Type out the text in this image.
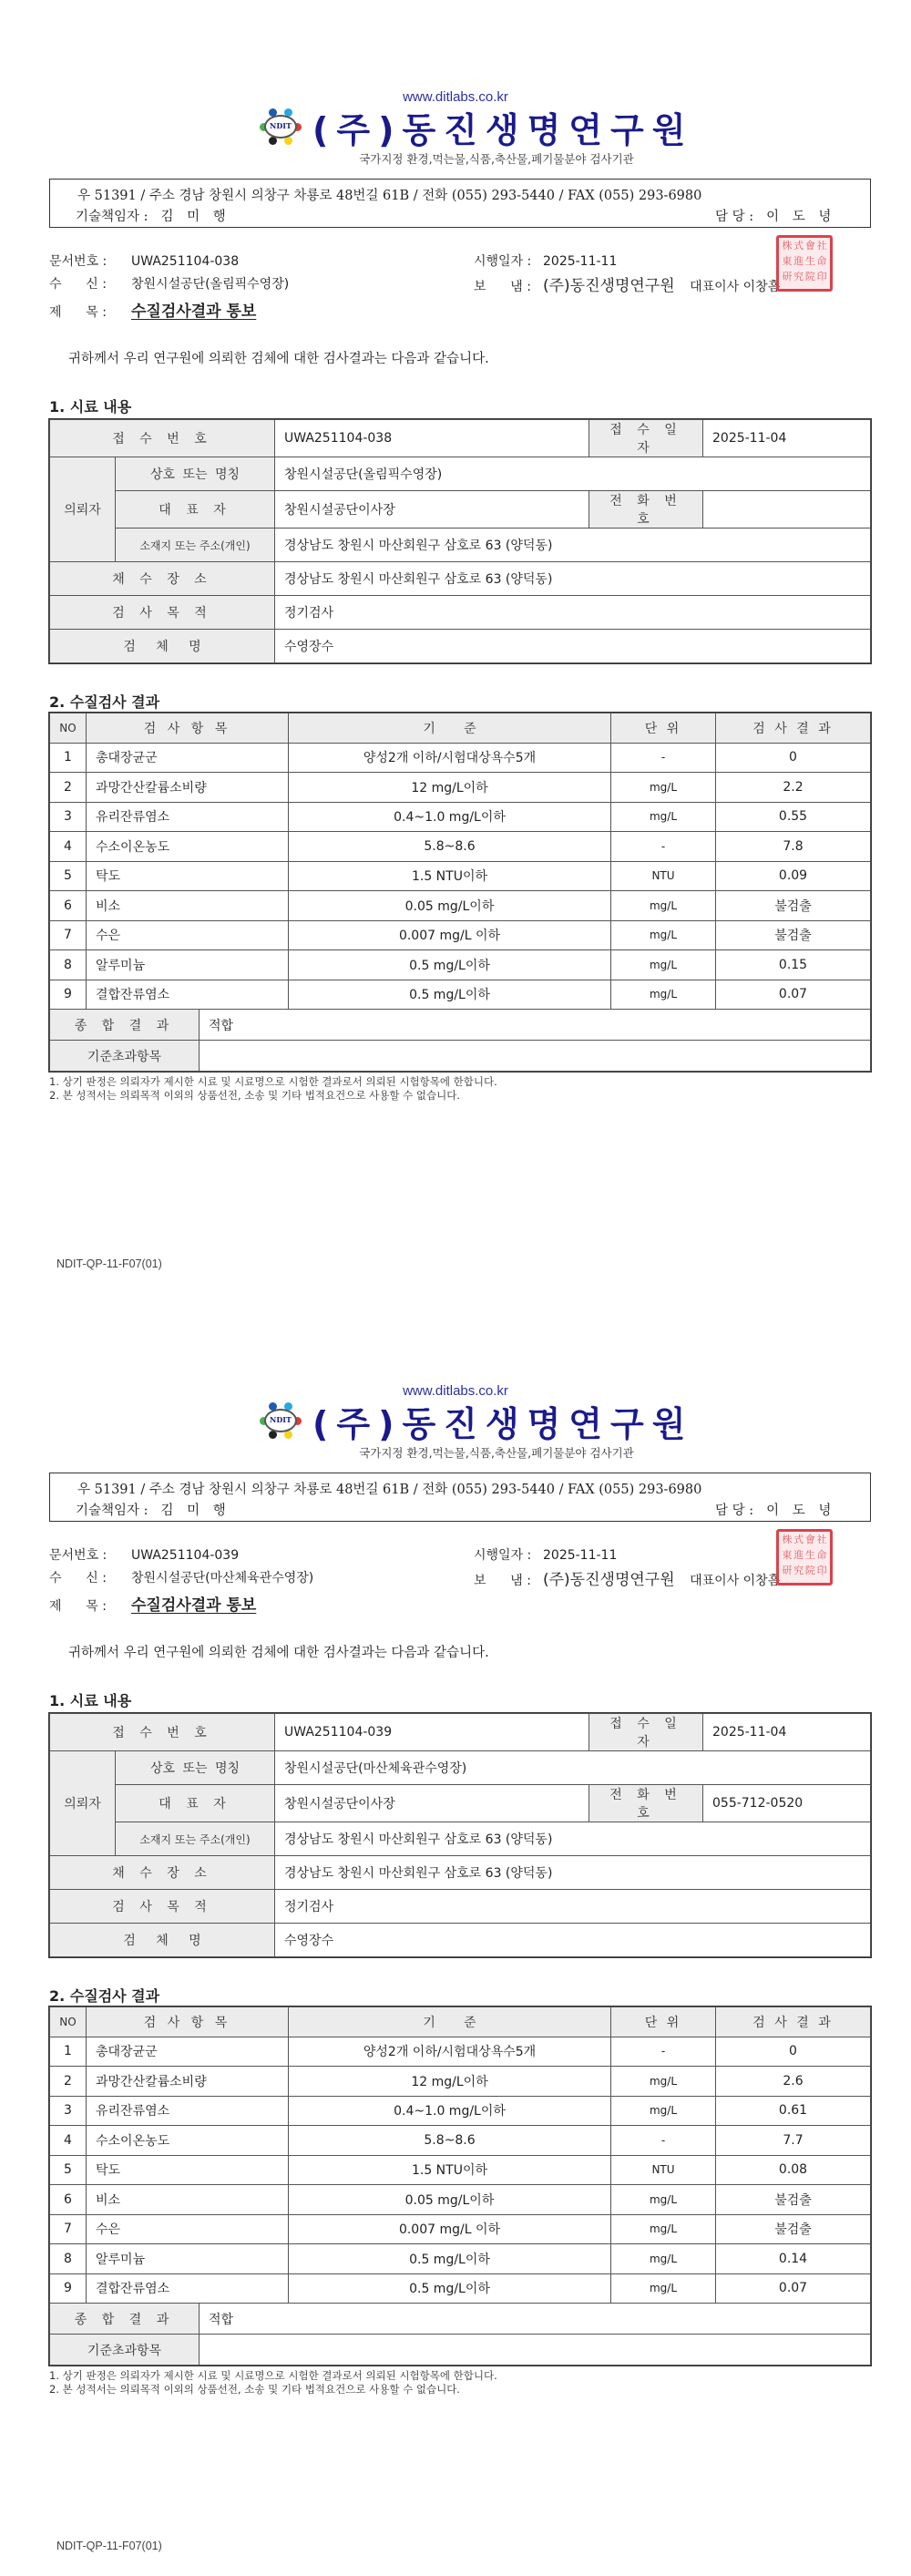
www.ditlabs.co.kr
NDIT (주)동진생명연구원
국가지정 환경,먹는물,식품,축산물,폐기물분야 검사기관
우 51391 / 주소 경남 창원시 의창구 차룡로 48번길 61B / 전화 (055) 293-5440 / FAX (055) 293-6980
기술책임자 : 김 미 행	담 당 : 이 도 녕
문서번호 : UWA251104-038
수      신 : 창원시설공단(올림픽수영장)
제      목 : 수질검사결과 통보
시행일자 : 2025-11-11
보      냄 : (주)동진생명연구원 대표이사 이창흠
株 式 會 社
東 進 生 命
研 究 院 印
귀하께서 우리 연구원에 의뢰한 검체에 대한 검사결과는 다음과 같습니다.
1. 시료 내용
접 수 번 호		UWA251104-038	접 수 일 자	2025-11-04
의뢰자	상호 또는 명칭	창원시설공단(올림픽수영장)		
	대 표 자	창원시설공단이사장	전 화 번 호	
	소재지 또는 주소(개인)	경상남도 창원시 마산회원구 삼호로 63 (양덕동)		
채 수 장 소		경상남도 창원시 마산회원구 삼호로 63 (양덕동)		
검 사 목 적		정기검사		
검   체   명		수영장수		
2. 수질검사 결과
NO	검 사 항 목		기       준	단 위	검 사 결 과
1	총대장균군		양성2개 이하/시험대상욕수5개	-	0
2	과망간산칼륨소비량		12 mg/L이하	mg/L	2.2
3	유리잔류염소		0.4~1.0 mg/L이하	mg/L	0.55
4	수소이온농도		5.8~8.6	-	7.8
5	탁도		1.5 NTU이하	NTU	0.09
6	비소		0.05 mg/L이하	mg/L	불검출
7	수은		0.007 mg/L 이하	mg/L	불검출
8	알루미늄		0.5 mg/L이하	mg/L	0.15
9	결합잔류염소		0.5 mg/L이하	mg/L	0.07
종 합 결 과		적합			
기준초과항목					
1. 상기 판정은 의뢰자가 제시한 시료 및 시료명으로 시험한 결과로서 의뢰된 시험항목에 한합니다.
2. 본 성적서는 의뢰목적 이외의 상품선전, 소송 및 기타 법적요건으로 사용할 수 없습니다.
NDIT-QP-11-F07(01)
www.ditlabs.co.kr
NDIT (주)동진생명연구원
국가지정 환경,먹는물,식품,축산물,폐기물분야 검사기관
우 51391 / 주소 경남 창원시 의창구 차룡로 48번길 61B / 전화 (055) 293-5440 / FAX (055) 293-6980
기술책임자 : 김 미 행	담 당 : 이 도 녕
문서번호 : UWA251104-039
수      신 : 창원시설공단(마산체육관수영장)
제      목 : 수질검사결과 통보
시행일자 : 2025-11-11
보      냄 : (주)동진생명연구원 대표이사 이창흠
株 式 會 社
東 進 生 命
研 究 院 印
귀하께서 우리 연구원에 의뢰한 검체에 대한 검사결과는 다음과 같습니다.
1. 시료 내용
접 수 번 호		UWA251104-039	접 수 일 자	2025-11-04
의뢰자	상호 또는 명칭	창원시설공단(마산체육관수영장)		
	대 표 자	창원시설공단이사장	전 화 번 호	055-712-0520
	소재지 또는 주소(개인)	경상남도 창원시 마산회원구 삼호로 63 (양덕동)		
채 수 장 소		경상남도 창원시 마산회원구 삼호로 63 (양덕동)		
검 사 목 적		정기검사		
검   체   명		수영장수		
2. 수질검사 결과
NO	검 사 항 목		기       준	단 위	검 사 결 과
1	총대장균군		양성2개 이하/시험대상욕수5개	-	0
2	과망간산칼륨소비량		12 mg/L이하	mg/L	2.6
3	유리잔류염소		0.4~1.0 mg/L이하	mg/L	0.61
4	수소이온농도		5.8~8.6	-	7.7
5	탁도		1.5 NTU이하	NTU	0.08
6	비소		0.05 mg/L이하	mg/L	불검출
7	수은		0.007 mg/L 이하	mg/L	불검출
8	알루미늄		0.5 mg/L이하	mg/L	0.14
9	결합잔류염소		0.5 mg/L이하	mg/L	0.07
종 합 결 과		적합			
기준초과항목					
1. 상기 판정은 의뢰자가 제시한 시료 및 시료명으로 시험한 결과로서 의뢰된 시험항목에 한합니다.
2. 본 성적서는 의뢰목적 이외의 상품선전, 소송 및 기타 법적요건으로 사용할 수 없습니다.
NDIT-QP-11-F07(01)
